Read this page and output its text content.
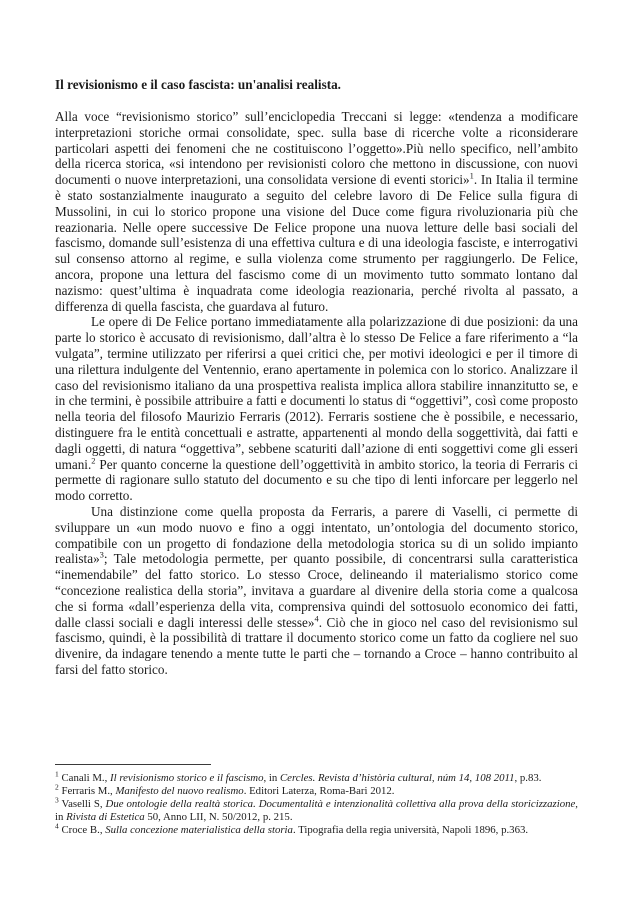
Il revisionismo e il caso fascista: un'analisi realista.

Alla voce “revisionismo storico” sull’enciclopedia Treccani si legge: «tendenza a modificare interpretazioni storiche ormai consolidate, spec. sulla base di ricerche volte a riconsiderare particolari aspetti dei fenomeni che ne costituiscono l’oggetto».Più nello specifico, nell’ambito della ricerca storica, «si intendono per revisionisti coloro che mettono in discussione, con nuovi documenti o nuove interpretazioni, una consolidata versione di eventi storici»$^1$. In Italia il termine è stato sostanzialmente inaugurato a seguito del celebre lavoro di De Felice sulla figura di Mussolini, in cui lo storico propone una visione del Duce come figura rivoluzionaria più che reazionaria. Nelle opere successive De Felice propone una nuova letture delle basi sociali del fascismo, domande sull’esistenza di una effettiva cultura e di una ideologia fasciste, e interrogativi sul consenso attorno al regime, e sulla violenza come strumento per raggiungerlo. De Felice, ancora, propone una lettura del fascismo come di un movimento tutto sommato lontano dal nazismo: quest’ultima è inquadrata come ideologia reazionaria, perché rivolta al passato, a differenza di quella fascista, che guardava al futuro.

Le opere di De Felice portano immediatamente alla polarizzazione di due posizioni: da una parte lo storico è accusato di revisionismo, dall’altra è lo stesso De Felice a fare riferimento a “la vulgata”, termine utilizzato per riferirsi a quei critici che, per motivi ideologici e per il timore di una rilettura indulgente del Ventennio, erano apertamente in polemica con lo storico. Analizzare il caso del revisionismo italiano da una prospettiva realista implica allora stabilire innanzitutto se, e in che termini, è possibile attribuire a fatti e documenti lo status di “oggettivi”, così come proposto nella teoria del filosofo Maurizio Ferraris (2012). Ferraris sostiene che è possibile, e necessario, distinguere fra le entità concettuali e astratte, appartenenti al mondo della soggettività, dai fatti e dagli oggetti, di natura “oggettiva”, sebbene scaturiti dall’azione di enti soggettivi come gli esseri umani.$^2$ Per quanto concerne la questione dell’oggettività in ambito storico, la teoria di Ferraris ci permette di ragionare sullo statuto del documento e su che tipo di lenti inforcare per leggerlo nel modo corretto.

Una distinzione come quella proposta da Ferraris, a parere di Vaselli, ci permette di sviluppare un «un modo nuovo e fino a oggi intentato, un’ontologia del documento storico, compatibile con un progetto di fondazione della metodologia storica su di un solido impianto realista»$^3$; Tale metodologia permette, per quanto possibile, di concentrarsi sulla caratteristica “inemendabile” del fatto storico. Lo stesso Croce, delineando il materialismo storico come “concezione realistica della storia”, invitava a guardare al divenire della storia come a qualcosa che si forma «dall’esperienza della vita, comprensiva quindi del sottosuolo economico dei fatti, dalle classi sociali e dagli interessi delle stesse»$^4$. Ciò che in gioco nel caso del revisionismo sul fascismo, quindi, è la possibilità di trattare il documento storico come un fatto da cogliere nel suo divenire, da indagare tenendo a mente tutte le parti che – tornando a Croce – hanno contribuito al farsi del fatto storico.

$^1$ Canali M., Il revisionismo storico e il fascismo, in Cercles. Revista d’història cultural, núm 14, 108 2011, p.83.

$^2$ Ferraris M., Manifesto del nuovo realismo. Editori Laterza, Roma-Bari 2012.

$^3$ Vaselli S, Due ontologie della realtà storica. Documentalità e intenzionalità collettiva alla prova della storicizzazione, in Rivista di Estetica 50, Anno LII, N. 50/2012, p. 215.

$^4$ Croce B., Sulla concezione materialistica della storia. Tipografia della regia università, Napoli 1896, p.363.
